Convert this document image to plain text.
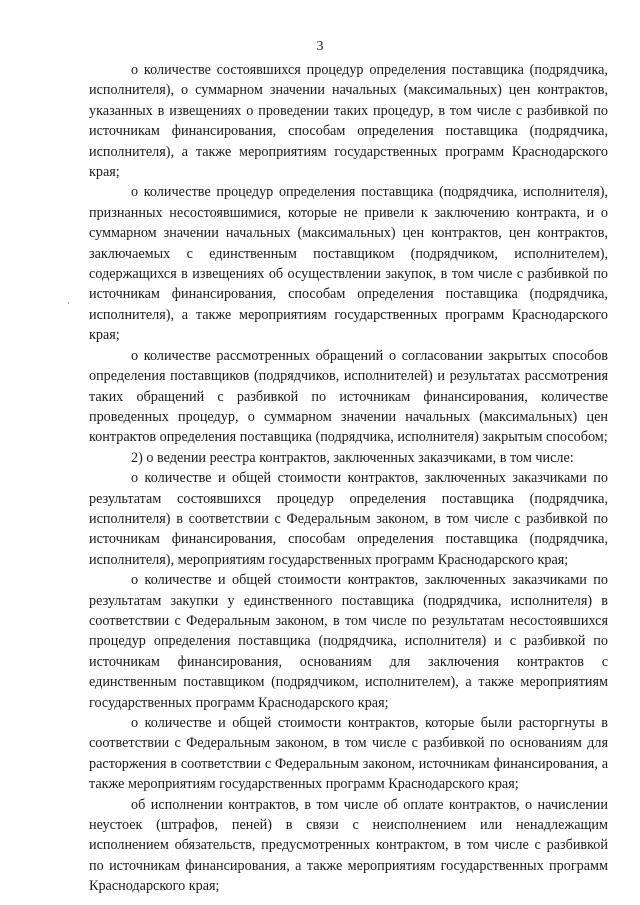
3

о количестве состоявшихся процедур определения поставщика (подрядчика, исполнителя), о суммарном значении начальных (максимальных) цен контрактов, указанных в извещениях о проведении таких процедур, в том числе с разбивкой по источникам финансирования, способам определения поставщика (подрядчика, исполнителя), а также мероприятиям государственных программ Краснодарского края;

о количестве процедур определения поставщика (подрядчика, исполнителя), признанных несостоявшимися, которые не привели к заключению контракта, и о суммарном значении начальных (максимальных) цен контрактов, цен контрактов, заключаемых с единственным поставщиком (подрядчиком, исполнителем), содержащихся в извещениях об осуществлении закупок, в том числе с разбивкой по источникам финансирования, способам определения поставщика (подрядчика, исполнителя), а также мероприятиям государственных программ Краснодарского края;

о количестве рассмотренных обращений о согласовании закрытых способов определения поставщиков (подрядчиков, исполнителей) и результатах рассмотрения таких обращений с разбивкой по источникам финансирования, количестве проведенных процедур, о суммарном значении начальных (максимальных) цен контрактов определения поставщика (подрядчика, исполнителя) закрытым способом;

2) о ведении реестра контрактов, заключенных заказчиками, в том числе:

о количестве и общей стоимости контрактов, заключенных заказчиками по результатам состоявшихся процедур определения поставщика (подрядчика, исполнителя) в соответствии с Федеральным законом, в том числе с разбивкой по источникам финансирования, способам определения поставщика (подрядчика, исполнителя), мероприятиям государственных программ Краснодарского края;

о количестве и общей стоимости контрактов, заключенных заказчиками по результатам закупки у единственного поставщика (подрядчика, исполнителя) в соответствии с Федеральным законом, в том числе по результатам несостоявшихся процедур определения поставщика (подрядчика, исполнителя) и с разбивкой по источникам финансирования, основаниям для заключения контрактов с единственным поставщиком (подрядчиком, исполнителем), а также мероприятиям государственных программ Краснодарского края;

о количестве и общей стоимости контрактов, которые были расторгнуты в соответствии с Федеральным законом, в том числе с разбивкой по основаниям для расторжения в соответствии с Федеральным законом, источникам финансирования, а также мероприятиям государственных программ Краснодарского края;

об исполнении контрактов, в том числе об оплате контрактов, о начислении неустоек (штрафов, пеней) в связи с неисполнением или ненадлежащим исполнением обязательств, предусмотренных контрактом, в том числе с разбивкой по источникам финансирования, а также мероприятиям государственных программ Краснодарского края;
